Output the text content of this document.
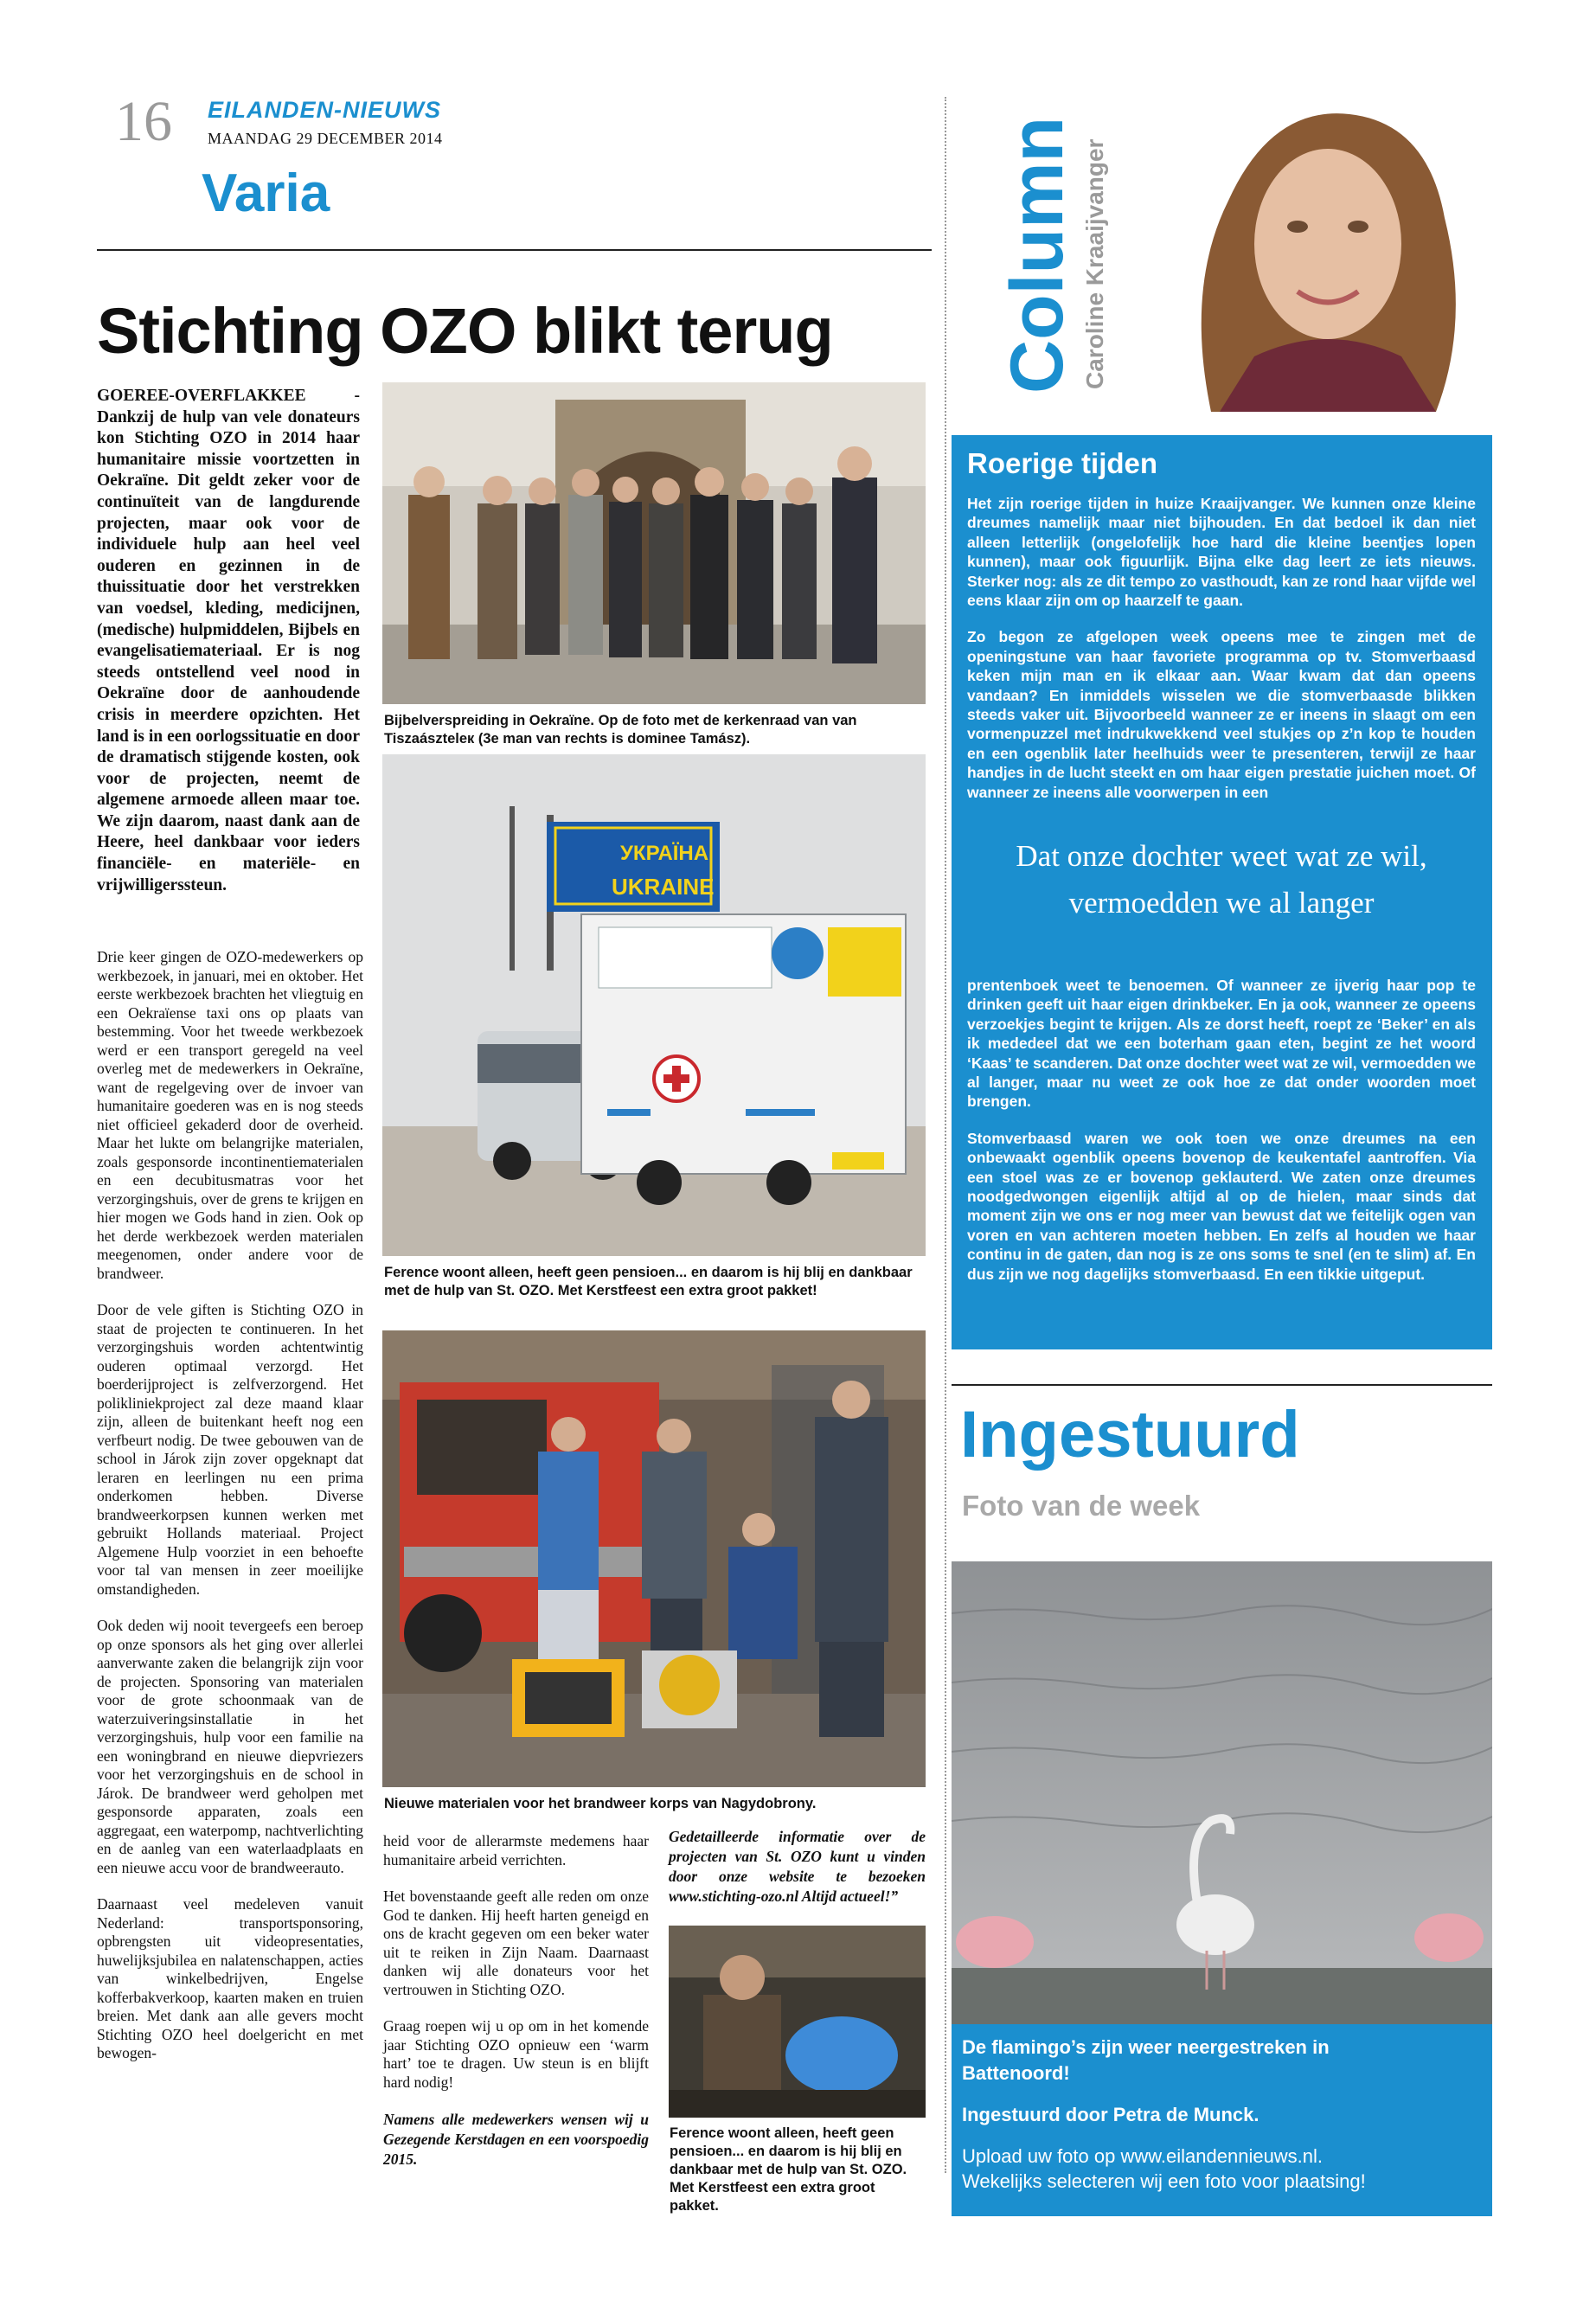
16 EILANDEN-NIEUWS
MAANDAG 29 DECEMBER 2014
Varia
Stichting OZO blikt terug
GOEREE-OVERFLAKKEE - Dankzij de hulp van vele donateurs kon Stichting OZO in 2014 haar humanitaire missie voortzetten in Oekraïne. Dit geldt zeker voor de continuïteit van de langdurende projecten, maar ook voor de individuele hulp aan heel veel ouderen en gezinnen in de thuissituatie door het verstrekken van voedsel, kleding, medicijnen, (medische) hulpmiddelen, Bijbels en evangelisatiemateriaal. Er is nog steeds ontstellend veel nood in Oekraïne door de aanhoudende crisis in meerdere opzichten. Het land is in een oorlogssituatie en door de dramatisch stijgende kosten, ook voor de projecten, neemt de algemene armoede alleen maar toe. We zijn daarom, naast dank aan de Heere, heel dankbaar voor ieders financiële- en materiële- en vrijwilligerssteun.
Bijbelverspreiding in Oekraïne. Op de foto met de kerkenraad van van Tiszaászteleк (3e man van rechts is dominee Tamász).
УКРАЇНА
UKRAINE
Ference woont alleen, heeft geen pensioen... en daarom is hij blij en dankbaar met de hulp van St. OZO. Met Kerstfeest een extra groot pakket!
Nieuwe materialen voor het brandweer korps van Nagydobrony.

Drie keer gingen de OZO-medewerkers op werkbezoek, in januari, mei en oktober. Het eerste werkbezoek brachten het vliegtuig en een Oekraïense taxi ons op plaats van bestemming. Voor het tweede werkbezoek werd er een transport geregeld na veel overleg met de medewerkers in Oekraïne, want de regelgeving over de invoer van humanitaire goederen was en is nog steeds niet officieel gekaderd door de overheid. Maar het lukte om belangrijke materialen, zoals gesponsorde incontinentiematerialen en een decubitusmatras voor het verzorgingshuis, over de grens te krijgen en hier mogen we Gods hand in zien. Ook op het derde werkbezoek werden materialen meegenomen, onder andere voor de brandweer.

Door de vele giften is Stichting OZO in staat de projecten te continueren. In het verzorgingshuis worden achtentwintig ouderen optimaal verzorgd. Het boerderijproject is zelfverzorgend. Het polikliniekproject zal deze maand klaar zijn, alleen de buitenkant heeft nog een verfbeurt nodig. De twee gebouwen van de school in Járok zijn zover opgeknapt dat leraren en leerlingen nu een prima onderkomen hebben. Diverse brandweerkorpsen kunnen werken met gebruikt Hollands materiaal. Project Algemene Hulp voorziet in een behoefte voor tal van mensen in zeer moeilijke omstandigheden.

Ook deden wij nooit tevergeefs een beroep op onze sponsors als het ging over allerlei aanverwante zaken die belangrijk zijn voor de projecten. Sponsoring van materialen voor de grote schoonmaak van de waterzuiveringsinstallatie in het verzorgingshuis, hulp voor een familie na een woningbrand en nieuwe diepvriezers voor het verzorgingshuis en de school in Járok. De brandweer werd geholpen met gesponsorde apparaten, zoals een aggregaat, een waterpomp, nachtverlichting en de aanleg van een waterlaadplaats en een nieuwe accu voor de brandweerauto.

Daarnaast veel medeleven vanuit Nederland: transportsponsoring, opbrengsten uit videopresentaties, huwelijksjubilea en nalatenschappen, acties van winkelbedrijven, Engelse kofferbakverkoop, kaarten maken en truien breien. Met dank aan alle gevers mocht Stichting OZO heel doelgericht en met bewogen-

heid voor de allerarmste medemens haar humanitaire arbeid verrichten.

Het bovenstaande geeft alle reden om onze God te danken. Hij heeft harten geneigd en ons de kracht gegeven om een beker water uit te reiken in Zijn Naam. Daarnaast danken wij alle donateurs voor het vertrouwen in Stichting OZO.

Graag roepen wij u op om in het komende jaar Stichting OZO opnieuw een ‘warm hart’ toe te dragen. Uw steun is en blijft hard nodig!

Namens alle medewerkers wensen wij u Gezegende Kerstdagen en een voorspoedig 2015.

Gedetailleerde informatie over de projecten van St. OZO kunt u vinden door onze website te bezoeken www.stichting-ozo.nl Altijd actueel!”
Ference woont alleen, heeft geen pensioen... en daarom is hij blij en dankbaar met de hulp van St. OZO. Met Kerstfeest een extra groot pakket.
Column Caroline Kraaijvanger
Roerige tijden

Het zijn roerige tijden in huize Kraaijvanger. We kunnen onze kleine dreumes namelijk maar niet bijhouden. En dat bedoel ik dan niet alleen letterlijk (ongelofelijk hoe hard die kleine beentjes lopen kunnen), maar ook figuurlijk. Bijna elke dag leert ze iets nieuws. Sterker nog: als ze dit tempo zo vasthoudt, kan ze rond haar vijfde wel eens klaar zijn om op haarzelf te gaan.

Zo begon ze afgelopen week opeens mee te zingen met de openingstune van haar favoriete programma op tv. Stomverbaasd keken mijn man en ik elkaar aan. Waar kwam dat dan opeens vandaan? En inmiddels wisselen we die stomverbaasde blikken steeds vaker uit. Bijvoorbeeld wanneer ze er ineens in slaagt om een vormenpuzzel met indrukwekkend veel stukjes op z’n kop te houden en een ogenblik later heelhuids weer te presenteren, terwijl ze haar handjes in de lucht steekt en om haar eigen prestatie juichen moet. Of wanneer ze ineens alle voorwerpen in een

Dat onze dochter weet wat ze wil,
vermoedden we al langer

prentenboek weet te benoemen. Of wanneer ze ijverig haar pop te drinken geeft uit haar eigen drinkbeker. En ja ook, wanneer ze opeens verzoekjes begint te krijgen. Als ze dorst heeft, roept ze ‘Beker’ en als ik mededeel dat we een boterham gaan eten, begint ze het woord ‘Kaas’ te scanderen. Dat onze dochter weet wat ze wil, vermoedden we al langer, maar nu weet ze ook hoe ze dat onder woorden moet brengen.

Stomverbaasd waren we ook toen we onze dreumes na een onbewaakt ogenblik opeens bovenop de keukentafel aantroffen. Via een stoel was ze er bovenop geklauterd. We zaten onze dreumes noodgedwongen eigenlijk altijd al op de hielen, maar sinds dat moment zijn we ons er nog meer van bewust dat we feitelijk ogen van voren en van achteren moeten hebben. En zelfs al houden we haar continu in de gaten, dan nog is ze ons soms te snel (en te slim) af. En dus zijn we nog dagelijks stomverbaasd. En een tikkie uitgeput.

Ingestuurd
Foto van de week
De flamingo’s zijn weer neergestreken in Battenoord!
Ingestuurd door Petra de Munck.
Upload uw foto op www.eilandennieuws.nl.
Wekelijks selecteren wij een foto voor plaatsing!
